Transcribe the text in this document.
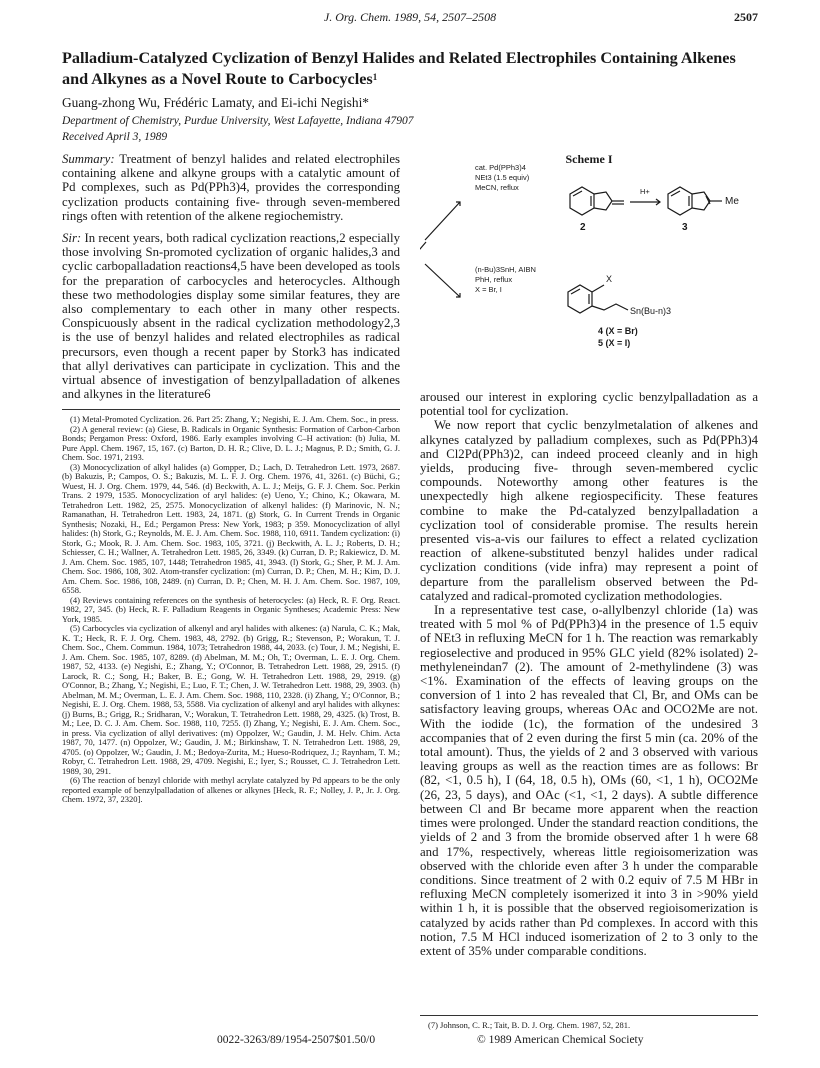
J. Org. Chem. 1989, 54, 2507–2508	2507
Palladium-Catalyzed Cyclization of Benzyl Halides and Related Electrophiles Containing Alkenes and Alkynes as a Novel Route to Carbocycles$^1$
Guang-zhong Wu, Frédéric Lamaty, and Ei-ichi Negishi*
Department of Chemistry, Purdue University, West Lafayette, Indiana 47907
Received April 3, 1989

Summary: Treatment of benzyl halides and related electrophiles containing alkene and alkyne groups with a catalytic amount of Pd complexes, such as Pd(PPh3)4, provides the corresponding cyclization products containing five- through seven-membered rings often with retention of the alkene regiochemistry.

Sir: In recent years, both radical cyclization reactions,2 especially those involving Sn-promoted cyclization of organic halides,3 and cyclic carbopalladation reactions4,5 have been developed as tools for the preparation of carbocycles and heterocycles. Although these two methodologies display some similar features, they are also complementary to each other in many other respects. Conspicuously absent in the radical cyclization methodology2,3 is the use of benzyl halides and related electrophiles as radical precursors, even though a recent paper by Stork3 has indicated that allyl derivatives can participate in cyclization. This and the virtual absence of investigation of benzylpalladation of alkenes and alkynes in the literature6

(1) Metal-Promoted Cyclization. 26. Part 25: Zhang, Y.; Negishi, E. J. Am. Chem. Soc., in press.

(2) A general review: (a) Giese, B. Radicals in Organic Synthesis: Formation of Carbon-Carbon Bonds; Pergamon Press: Oxford, 1986. Early examples involving C–H activation: (b) Julia, M. Pure Appl. Chem. 1967, 15, 167. (c) Barton, D. H. R.; Clive, D. L. J.; Magnus, P. D.; Smith, G. J. Chem. Soc. 1971, 2193.

(3) Monocyclization of alkyl halides (a) Gompper, D.; Lach, D. Tetrahedron Lett. 1973, 2687. (b) Bakuzis, P.; Campos, O. S.; Bakuzis, M. L. F. J. Org. Chem. 1976, 41, 3261. (c) Büchi, G.; Wuest, H. J. Org. Chem. 1979, 44, 546. (d) Beckwith, A. L. J.; Meijs, G. F. J. Chem. Soc. Perkin Trans. 2 1979, 1535. Monocyclization of aryl halides: (e) Ueno, Y.; Chino, K.; Okawara, M. Tetrahedron Lett. 1982, 25, 2575. Monocyclization of alkenyl halides: (f) Marinovic, N. N.; Ramanathan, H. Tetrahedron Lett. 1983, 24, 1871. (g) Stork, G. In Current Trends in Organic Synthesis; Nozaki, H., Ed.; Pergamon Press: New York, 1983; p 359. Monocyclization of allyl halides: (h) Stork, G.; Reynolds, M. E. J. Am. Chem. Soc. 1988, 110, 6911. Tandem cyclization: (i) Stork, G.; Mook, R. J. Am. Chem. Soc. 1983, 105, 3721. (j) Beckwith, A. L. J.; Roberts, D. H.; Schiesser, C. H.; Wallner, A. Tetrahedron Lett. 1985, 26, 3349. (k) Curran, D. P.; Rakiewicz, D. M. J. Am. Chem. Soc. 1985, 107, 1448; Tetrahedron 1985, 41, 3943. (l) Stork, G.; Sher, P. M. J. Am. Chem. Soc. 1986, 108, 302. Atom-transfer cyclization: (m) Curran, D. P.; Chen, M. H.; Kim, D. J. Am. Chem. Soc. 1986, 108, 2489. (n) Curran, D. P.; Chen, M. H. J. Am. Chem. Soc. 1987, 109, 6558.

(4) Reviews containing references on the synthesis of heterocycles: (a) Heck, R. F. Org. React. 1982, 27, 345. (b) Heck, R. F. Palladium Reagents in Organic Syntheses; Academic Press: New York, 1985.

(5) Carbocycles via cyclization of alkenyl and aryl halides with alkenes: (a) Narula, C. K.; Mak, K. T.; Heck, R. F. J. Org. Chem. 1983, 48, 2792. (b) Grigg, R.; Stevenson, P.; Worakun, T. J. Chem. Soc., Chem. Commun. 1984, 1073; Tetrahedron 1988, 44, 2033. (c) Tour, J. M.; Negishi, E. J. Am. Chem. Soc. 1985, 107, 8289. (d) Abelman, M. M.; Oh, T.; Overman, L. E. J. Org. Chem. 1987, 52, 4133. (e) Negishi, E.; Zhang, Y.; O'Connor, B. Tetrahedron Lett. 1988, 29, 2915. (f) Larock, R. C.; Song, H.; Baker, B. E.; Gong, W. H. Tetrahedron Lett. 1988, 29, 2919. (g) O'Connor, B.; Zhang, Y.; Negishi, E.; Luo, F. T.; Chen, J. W. Tetrahedron Lett. 1988, 29, 3903. (h) Abelman, M. M.; Overman, L. E. J. Am. Chem. Soc. 1988, 110, 2328. (i) Zhang, Y.; O'Connor, B.; Negishi, E. J. Org. Chem. 1988, 53, 5588. Via cyclization of alkenyl and aryl halides with alkynes: (j) Burns, B.; Grigg, R.; Sridharan, V.; Worakun, T. Tetrahedron Lett. 1988, 29, 4325. (k) Trost, B. M.; Lee, D. C. J. Am. Chem. Soc. 1988, 110, 7255. (l) Zhang, Y.; Negishi, E. J. Am. Chem. Soc., in press. Via cyclization of allyl derivatives: (m) Oppolzer, W.; Gaudin, J. M. Helv. Chim. Acta 1987, 70, 1477. (n) Oppolzer, W.; Gaudin, J. M.; Birkinshaw, T. N. Tetrahedron Lett. 1988, 29, 4705. (o) Oppolzer, W.; Gaudin, J. M.; Bedoya-Zurita, M.; Hueso-Rodriquez, J.; Raynham, T. M.; Robyr, C. Tetrahedron Lett. 1988, 29, 4709. Negishi, E.; Iyer, S.; Rousset, C. J. Tetrahedron Lett. 1989, 30, 291.

(6) The reaction of benzyl chloride with methyl acrylate catalyzed by Pd appears to be the only reported example of benzylpalladation of alkenes or alkynes [Heck, R. F.; Nolley, J. P., Jr. J. Org. Chem. 1972, 37, 2320].

Scheme I
cat. Pd(PPh3)4
NEt3 (1.5 equiv)
MeCN, reflux	H+
Me
2	3
(n-Bu)3SnH, AIBN
PhH, reflux
X = Br, I
X
Sn(Bu-n)3
4 (X = Br)
5 (X = I)

aroused our interest in exploring cyclic benzylpalladation as a potential tool for cyclization.

We now report that cyclic benzylmetalation of alkenes and alkynes catalyzed by palladium complexes, such as Pd(PPh3)4 and Cl2Pd(PPh3)2, can indeed proceed cleanly and in high yields, producing five- through seven-membered cyclic compounds. Noteworthy among other features is the unexpectedly high alkene regiospecificity. These features combine to make the Pd-catalyzed benzylpalladation a cyclization tool of considerable promise. The results herein presented vis-a-vis our failures to effect a related cyclization reaction of alkene-substituted benzyl halides under radical cyclization conditions (vide infra) may represent a point of departure from the parallelism observed between the Pd-catalyzed and radical-promoted cyclization methodologies.

In a representative test case, o-allylbenzyl chloride (1a) was treated with 5 mol % of Pd(PPh3)4 in the presence of 1.5 equiv of NEt3 in refluxing MeCN for 1 h. The reaction was remarkably regioselective and produced in 95% GLC yield (82% isolated) 2-methyleneindan7 (2). The amount of 2-methylindene (3) was <1%. Examination of the effects of leaving groups on the conversion of 1 into 2 has revealed that Cl, Br, and OMs can be satisfactory leaving groups, whereas OAc and OCO2Me are not. With the iodide (1c), the formation of the undesired 3 accompanies that of 2 even during the first 5 min (ca. 20% of the total amount). Thus, the yields of 2 and 3 observed with various leaving groups as well as the reaction times are as follows: Br (82, <1, 0.5 h), I (64, 18, 0.5 h), OMs (60, <1, 1 h), OCO2Me (26, 23, 5 days), and OAc (<1, <1, 2 days). A subtle difference between Cl and Br became more apparent when the reaction times were prolonged. Under the standard reaction conditions, the yields of 2 and 3 from the bromide observed after 1 h were 68 and 17%, respectively, whereas little regioisomerization was observed with the chloride even after 3 h under the comparable conditions. Since treatment of 2 with 0.2 equiv of 7.5 M HBr in refluxing MeCN completely isomerized it into 3 in >90% yield within 1 h, it is possible that the observed regioisomerization is catalyzed by acids rather than Pd complexes. In accord with this notion, 7.5 M HCl induced isomerization of 2 to 3 only to the extent of 35% under comparable conditions.

(7) Johnson, C. R.; Tait, B. D. J. Org. Chem. 1987, 52, 281.

0022-3263/89/1954-2507$01.50/0	© 1989 American Chemical Society
